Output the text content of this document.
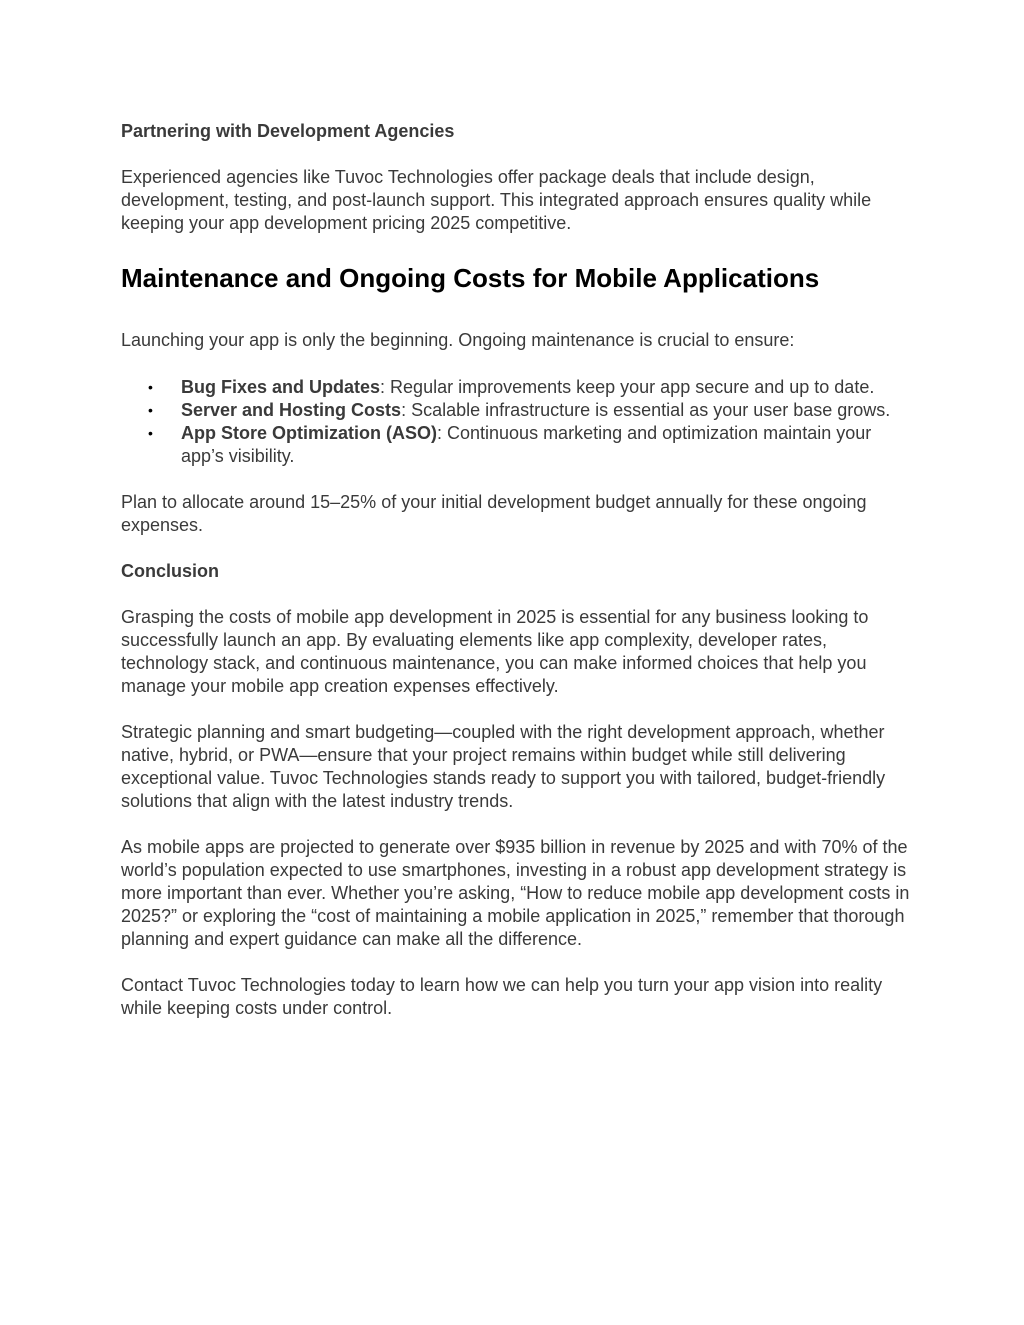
Partnering with Development Agencies

Experienced agencies like Tuvoc Technologies offer package deals that include design, development, testing, and post-launch support. This integrated approach ensures quality while keeping your app development pricing 2025 competitive.

Maintenance and Ongoing Costs for Mobile Applications

Launching your app is only the beginning. Ongoing maintenance is crucial to ensure:

• Bug Fixes and Updates: Regular improvements keep your app secure and up to date.
• Server and Hosting Costs: Scalable infrastructure is essential as your user base grows.
• App Store Optimization (ASO): Continuous marketing and optimization maintain your app’s visibility.

Plan to allocate around 15–25% of your initial development budget annually for these ongoing expenses.

Conclusion

Grasping the costs of mobile app development in 2025 is essential for any business looking to successfully launch an app. By evaluating elements like app complexity, developer rates, technology stack, and continuous maintenance, you can make informed choices that help you manage your mobile app creation expenses effectively.

Strategic planning and smart budgeting—coupled with the right development approach, whether native, hybrid, or PWA—ensure that your project remains within budget while still delivering exceptional value. Tuvoc Technologies stands ready to support you with tailored, budget-friendly solutions that align with the latest industry trends.

As mobile apps are projected to generate over $935 billion in revenue by 2025 and with 70% of the world’s population expected to use smartphones, investing in a robust app development strategy is more important than ever. Whether you’re asking, “How to reduce mobile app development costs in 2025?” or exploring the “cost of maintaining a mobile application in 2025,” remember that thorough planning and expert guidance can make all the difference.

Contact Tuvoc Technologies today to learn how we can help you turn your app vision into reality while keeping costs under control.
